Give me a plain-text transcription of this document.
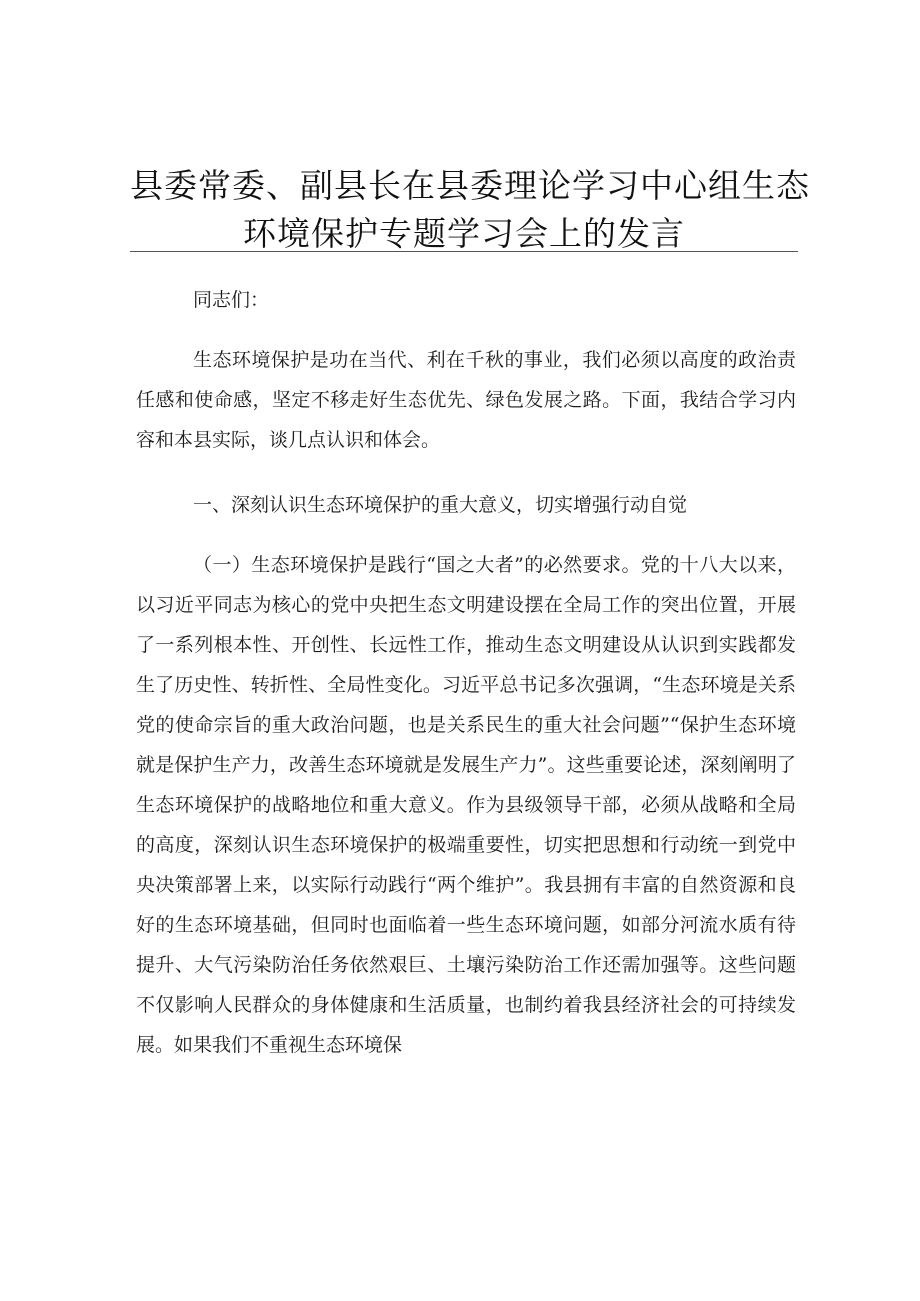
县委常委、副县长在县委理论学习中心组生态
环境保护专题学习会上的发言
同志们：
生态环境保护是功在当代、利在千秋的事业，我们必须以高度的政治责任感和使命感，坚定不移走好生态优先、绿色发展之路。下面，我结合学习内容和本县实际，谈几点认识和体会。
一、深刻认识生态环境保护的重大意义，切实增强行动自觉
（一）生态环境保护是践行“国之大者”的必然要求。党的十八大以来，以习近平同志为核心的党中央把生态文明建设摆在全局工作的突出位置，开展了一系列根本性、开创性、长远性工作，推动生态文明建设从认识到实践都发生了历史性、转折性、全局性变化。习近平总书记多次强调，“生态环境是关系党的使命宗旨的重大政治问题，也是关系民生的重大社会问题”“保护生态环境就是保护生产力，改善生态环境就是发展生产力”。这些重要论述，深刻阐明了生态环境保护的战略地位和重大意义。作为县级领导干部，必须从战略和全局的高度，深刻认识生态环境保护的极端重要性，切实把思想和行动统一到党中央决策部署上来，以实际行动践行“两个维护”。我县拥有丰富的自然资源和良好的生态环境基础，但同时也面临着一些生态环境问题，如部分河流水质有待提升、大气污染防治任务依然艰巨、土壤污染防治工作还需加强等。这些问题不仅影响人民群众的身体健康和生活质量，也制约着我县经济社会的可持续发展。如果我们不重视生态环境保
